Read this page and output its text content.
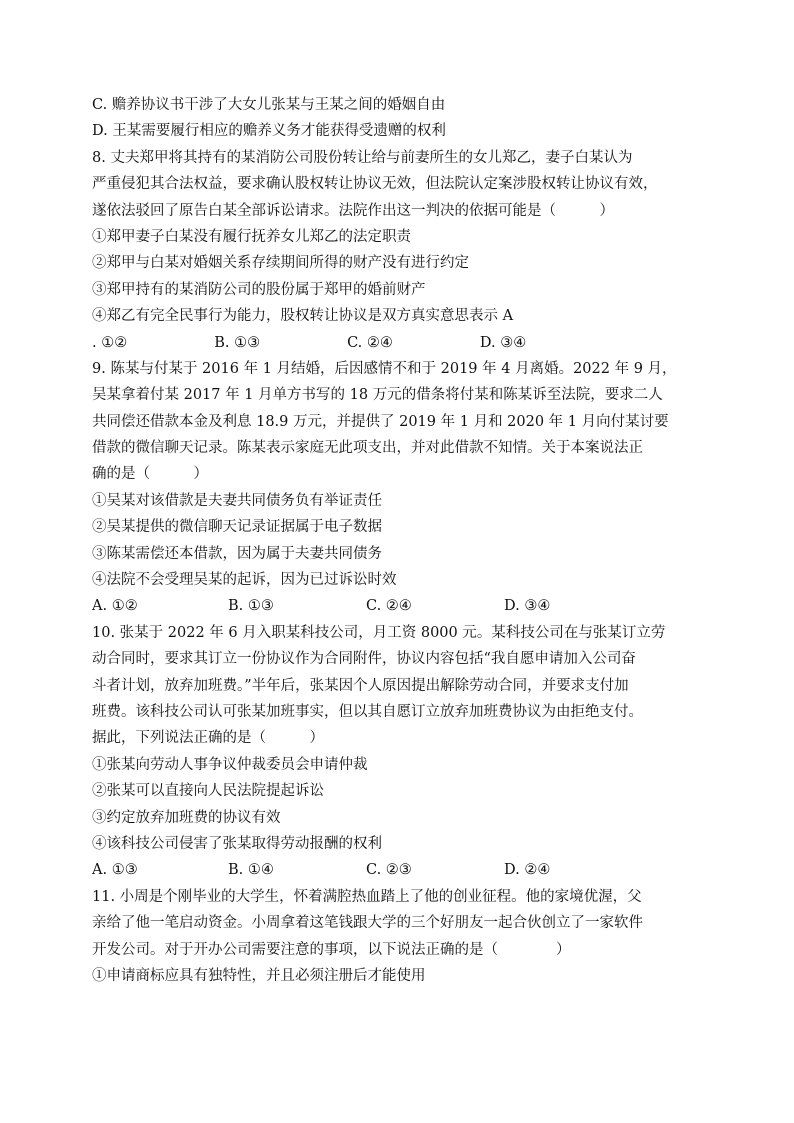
C. 赡养协议书干涉了大女儿张某与王某之间的婚姻自由
D. 王某需要履行相应的赡养义务才能获得受遗赠的权利
8. 丈夫郑甲将其持有的某消防公司股份转让给与前妻所生的女儿郑乙，妻子白某认为
严重侵犯其合法权益，要求确认股权转让协议无效，但法院认定案涉股权转让协议有效，
遂依法驳回了原告白某全部诉讼请求。法院作出这一判决的依据可能是（　　　）
①郑甲妻子白某没有履行抚养女儿郑乙的法定职责
②郑甲与白某对婚姻关系存续期间所得的财产没有进行约定
③郑甲持有的某消防公司的股份属于郑甲的婚前财产
④郑乙有完全民事行为能力，股权转让协议是双方真实意思表示 A
. ①②　　　　　　B. ①③　　　　　　C. ②④　　　　　　D. ③④
9. 陈某与付某于 2016 年 1 月结婚，后因感情不和于 2019 年 4 月离婚。2022 年 9 月，
吴某拿着付某 2017 年 1 月单方书写的 18 万元的借条将付某和陈某诉至法院，要求二人
共同偿还借款本金及利息 18.9 万元，并提供了 2019 年 1 月和 2020 年 1 月向付某讨要
借款的微信聊天记录。陈某表示家庭无此项支出，并对此借款不知情。关于本案说法正
确的是（　　　）
①吴某对该借款是夫妻共同债务负有举证责任
②吴某提供的微信聊天记录证据属于电子数据
③陈某需偿还本借款，因为属于夫妻共同债务
④法院不会受理吴某的起诉，因为已过诉讼时效
A. ①②	B. ①③	C. ②④	D. ③④
10. 张某于 2022 年 6 月入职某科技公司，月工资 8000 元。某科技公司在与张某订立劳
动合同时，要求其订立一份协议作为合同附件，协议内容包括“我自愿申请加入公司奋
斗者计划，放弃加班费。”半年后，张某因个人原因提出解除劳动合同，并要求支付加
班费。该科技公司认可张某加班事实，但以其自愿订立放弃加班费协议为由拒绝支付。
据此，下列说法正确的是（　　　）
①张某向劳动人事争议仲裁委员会申请仲裁
②张某可以直接向人民法院提起诉讼
③约定放弃加班费的协议有效
④该科技公司侵害了张某取得劳动报酬的权利
A. ①③	B. ①④	C. ②③	D. ②④
11. 小周是个刚毕业的大学生，怀着满腔热血踏上了他的创业征程。他的家境优渥，父
亲给了他一笔启动资金。小周拿着这笔钱跟大学的三个好朋友一起合伙创立了一家软件
开发公司。对于开办公司需要注意的事项，以下说法正确的是（　　　　）
①申请商标应具有独特性，并且必须注册后才能使用
